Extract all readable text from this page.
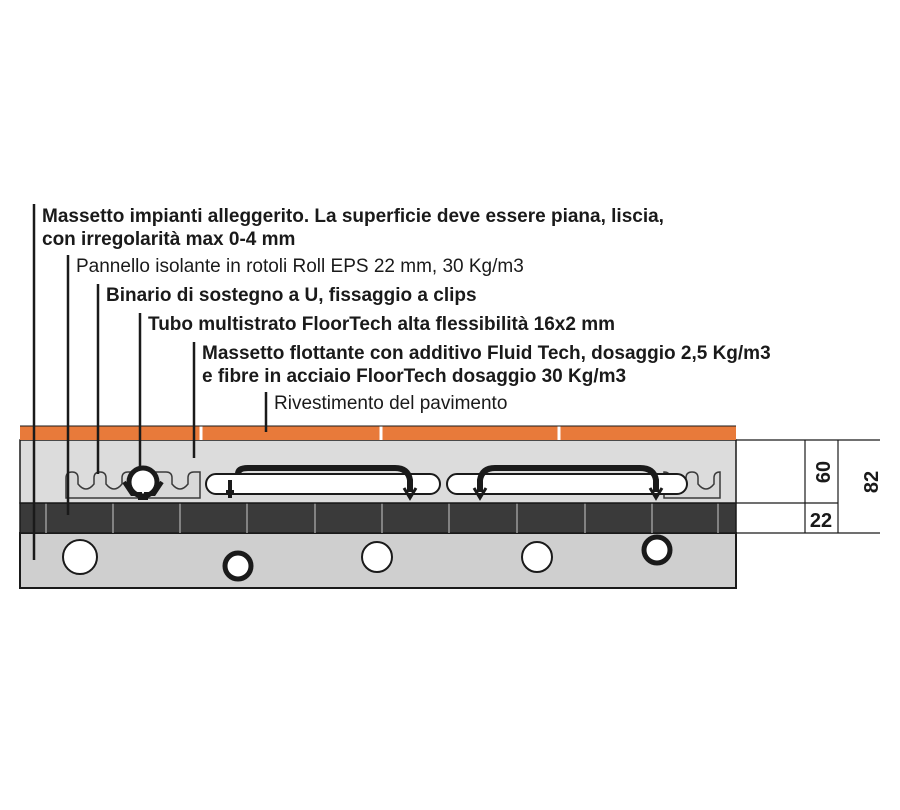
Massetto impianti alleggerito. La superficie deve essere piana, liscia,
con irregolarità max 0-4 mm
Pannello isolante in rotoli Roll EPS 22 mm, 30 Kg/m3
Binario di sostegno a U, fissaggio a clips
Tubo multistrato FloorTech alta flessibilità 16x2 mm
Massetto flottante con additivo Fluid Tech, dosaggio 2,5 Kg/m3
e fibre in acciaio FloorTech dosaggio 30 Kg/m3
Rivestimento del pavimento
60 82
22
